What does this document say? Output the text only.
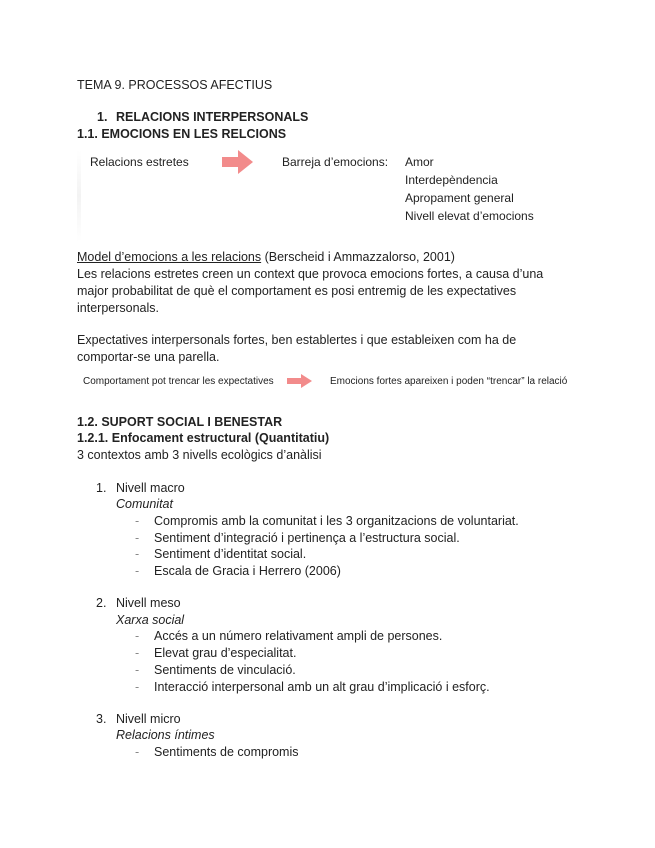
TEMA 9. PROCESSOS AFECTIUS
1. RELACIONS INTERPERSONALS
1.1. EMOCIONS EN LES RELCIONS
Relacions estretes	Barreja d’emocions: Amor
Interdepèndencia
Apropament general
Nivell elevat d’emocions
Model d’emocions a les relacions (Berscheid i Ammazzalorso, 2001)
Les relacions estretes creen un context que provoca emocions fortes, a causa d’una major probabilitat de què el comportament es posi entremig de les expectatives interpersonals.
Expectatives interpersonals fortes, ben establertes i que estableixen com ha de comportar-se una parella.
Comportament pot trencar les expectatives	Emocions fortes apareixen i poden “trencar” la relació
1.2. SUPORT SOCIAL I BENESTAR
1.2.1. Enfocament estructural (Quantitatiu)
3 contextos amb 3 nivells ecològics d’anàlisi
1. Nivell macro
Comunitat
- Compromis amb la comunitat i les 3 organitzacions de voluntariat.
- Sentiment d’integració i pertinença a l’estructura social.
- Sentiment d’identitat social.
- Escala de Gracia i Herrero (2006)
2. Nivell meso
Xarxa social
- Accés a un número relativament ampli de persones.
- Elevat grau d’especialitat.
- Sentiments de vinculació.
- Interacció interpersonal amb un alt grau d’implicació i esforç.
3. Nivell micro
Relacions íntimes
- Sentiments de compromis
